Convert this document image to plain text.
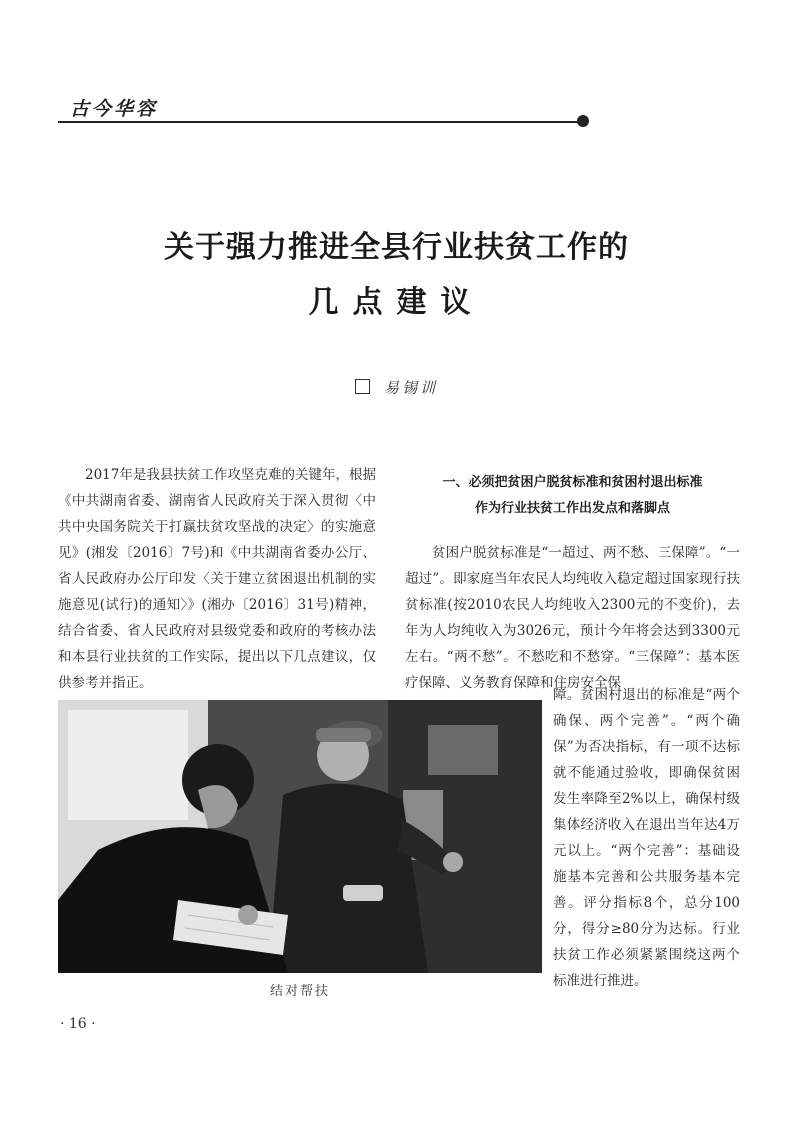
古今华容
关于强力推进全县行业扶贫工作的
几点建议
易锡训

2017年是我县扶贫工作攻坚克难的关键年，根据《中共湖南省委、湖南省人民政府关于深入贯彻〈中共中央国务院关于打赢扶贫攻坚战的决定〉的实施意见》(湘发〔2016〕7号)和《中共湖南省委办公厅、省人民政府办公厅印发〈关于建立贫困退出机制的实施意见(试行)的通知〉》(湘办〔2016〕31号)精神，结合省委、省人民政府对县级党委和政府的考核办法和本县行业扶贫的工作实际，提出以下几点建议，仅供参考并指正。

一、必须把贫困户脱贫标准和贫困村退出标准
作为行业扶贫工作出发点和落脚点

贫困户脱贫标准是“一超过、两不愁、三保障”。“一超过”。即家庭当年农民人均纯收入稳定超过国家现行扶贫标准(按2010农民人均纯收入2300元的不变价)，去年为人均纯收入为3026元，预计今年将会达到3300元左右。“两不愁”。不愁吃和不愁穿。“三保障”：基本医疗保障、义务教育保障和住房安全保

障。贫困村退出的标准是“两个确保、两个完善”。“两个确保”为否决指标，有一项不达标就不能通过验收，即确保贫困发生率降至2%以上，确保村级集体经济收入在退出当年达4万元以上。“两个完善”：基础设施基本完善和公共服务基本完善。评分指标8个，总分100分，得分≥80分为达标。行业扶贫工作必须紧紧围绕这两个标准进行推进。

结对帮扶
· 16 ·
